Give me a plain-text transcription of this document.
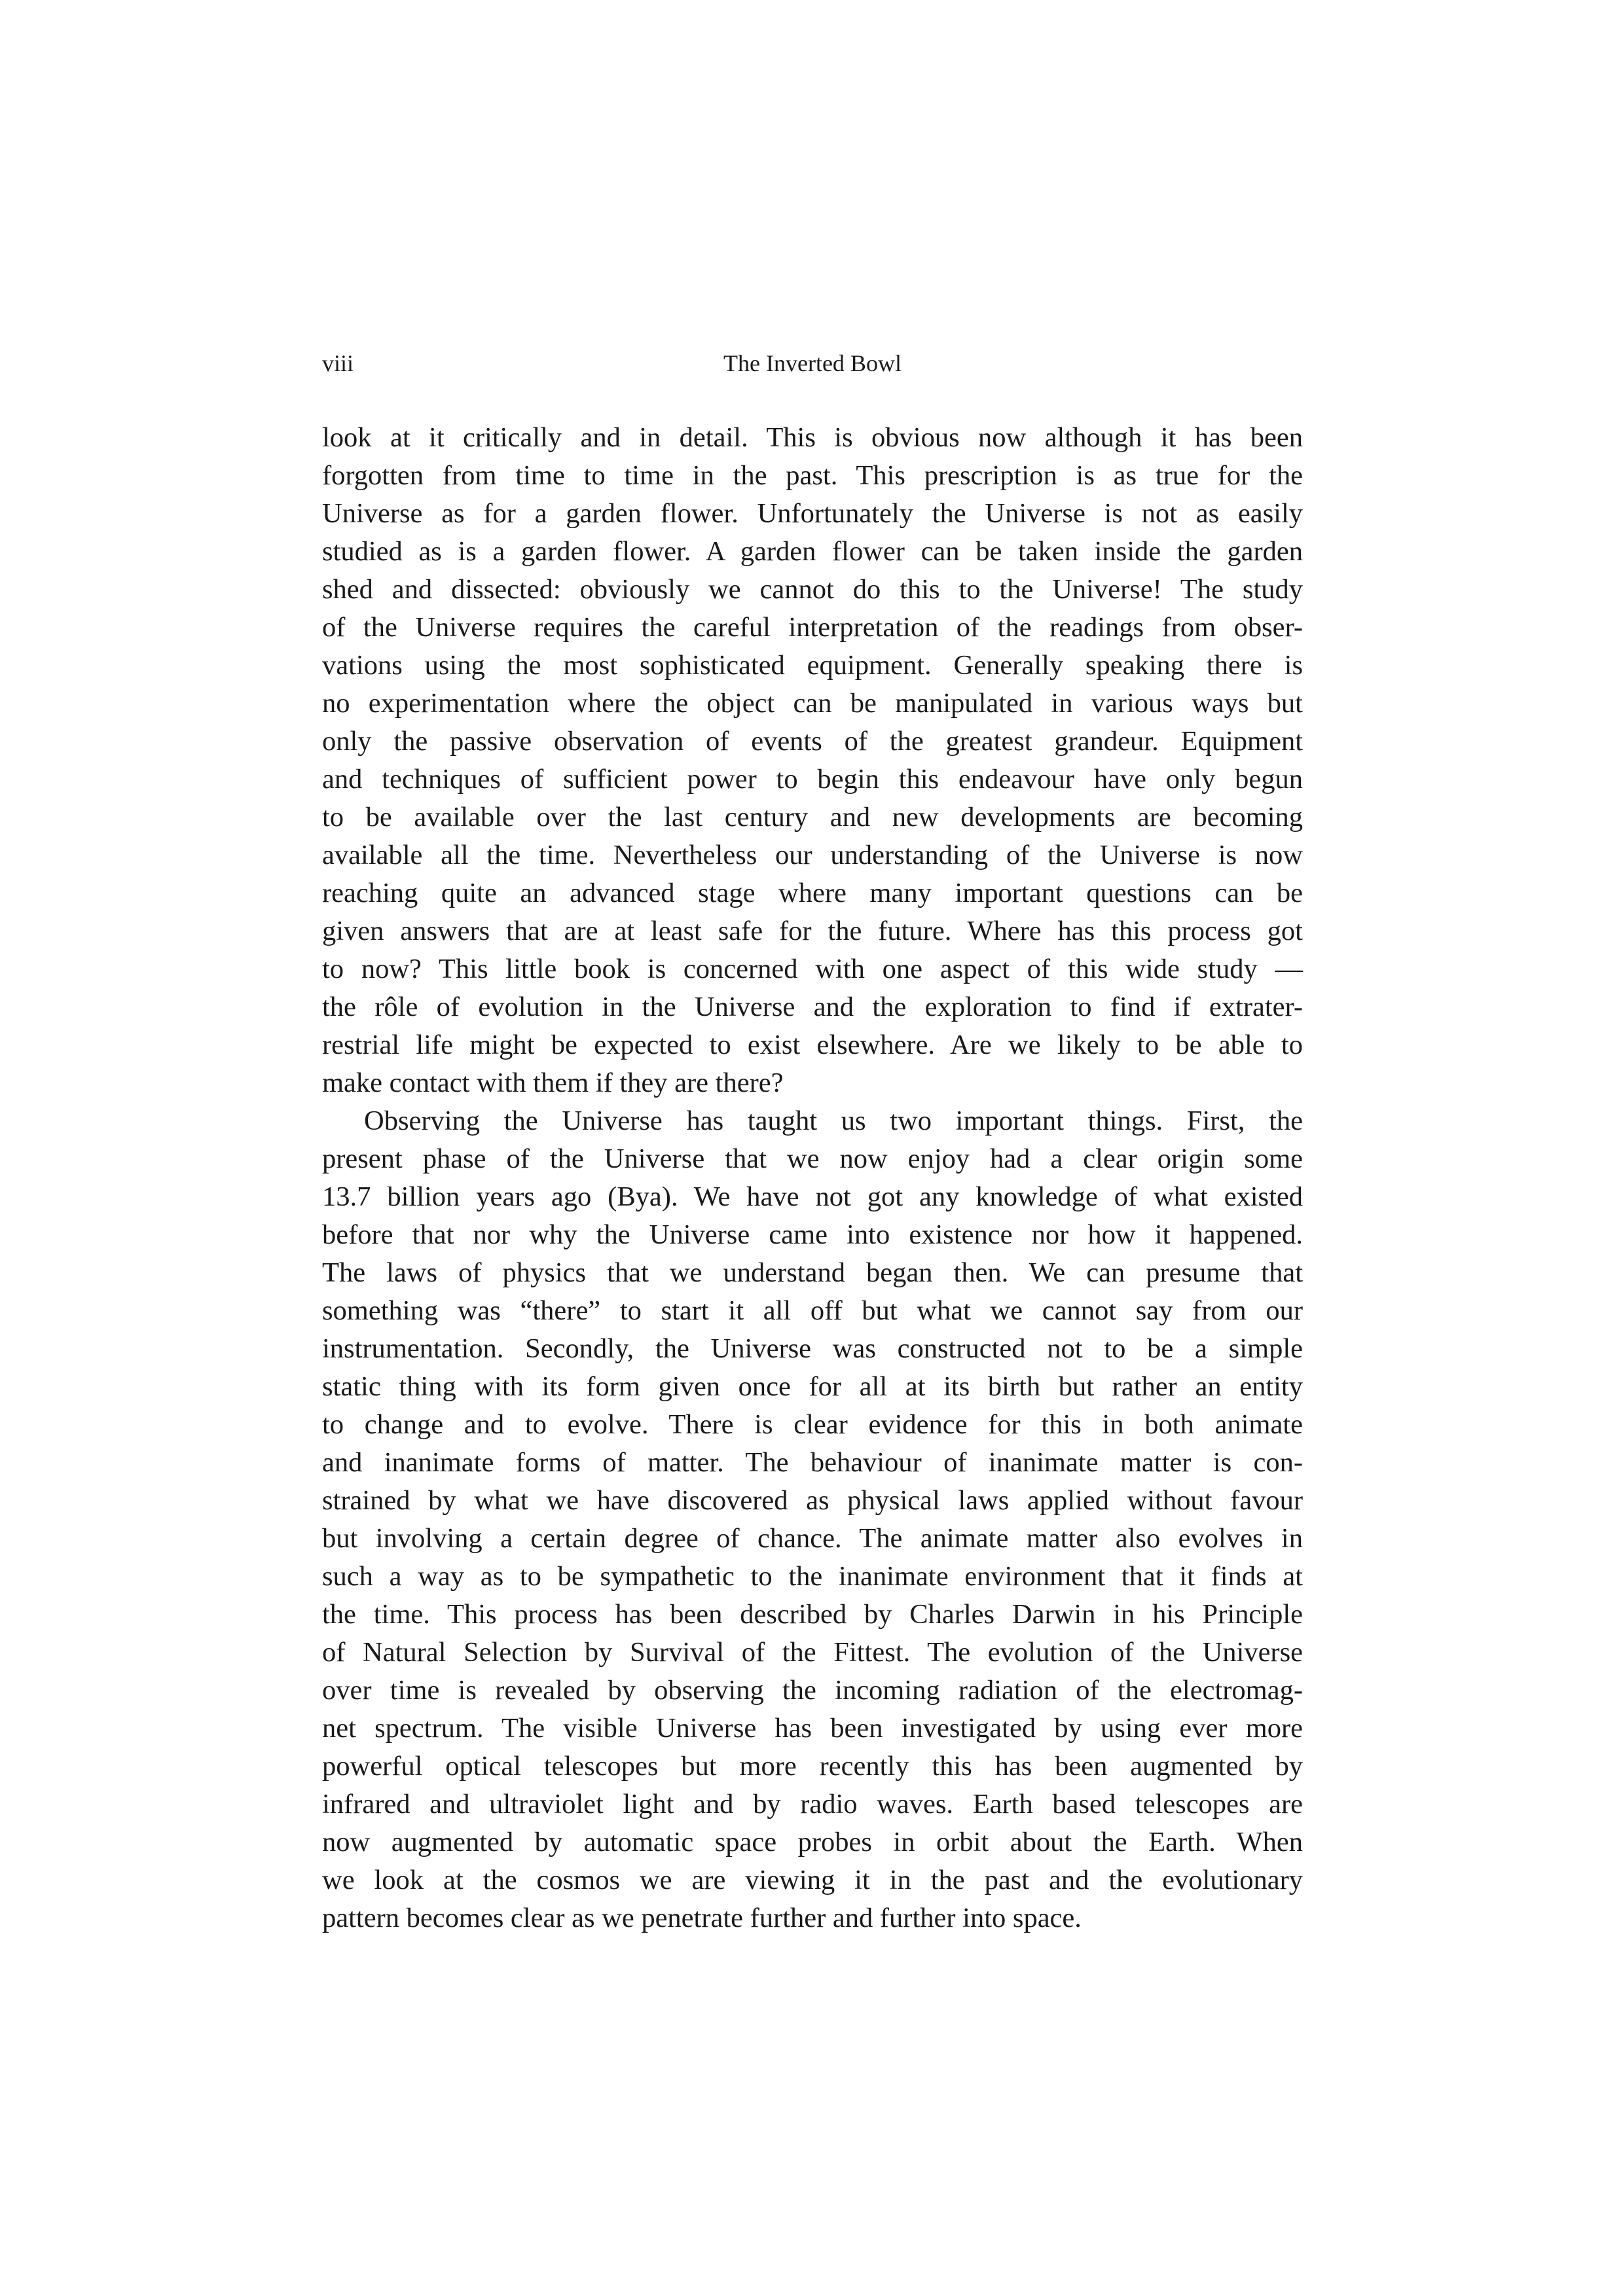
viii	The Inverted Bowl
look at it critically and in detail. This is obvious now although it has been
forgotten from time to time in the past. This prescription is as true for the
Universe as for a garden flower. Unfortunately the Universe is not as easily
studied as is a garden flower. A garden flower can be taken inside the garden
shed and dissected: obviously we cannot do this to the Universe! The study
of the Universe requires the careful interpretation of the readings from obser-
vations using the most sophisticated equipment. Generally speaking there is
no experimentation where the object can be manipulated in various ways but
only the passive observation of events of the greatest grandeur. Equipment
and techniques of sufficient power to begin this endeavour have only begun
to be available over the last century and new developments are becoming
available all the time. Nevertheless our understanding of the Universe is now
reaching quite an advanced stage where many important questions can be
given answers that are at least safe for the future. Where has this process got
to now? This little book is concerned with one aspect of this wide study —
the rôle of evolution in the Universe and the exploration to find if extrater-
restrial life might be expected to exist elsewhere. Are we likely to be able to
make contact with them if they are there?
Observing the Universe has taught us two important things. First, the
present phase of the Universe that we now enjoy had a clear origin some
13.7 billion years ago (Bya). We have not got any knowledge of what existed
before that nor why the Universe came into existence nor how it happened.
The laws of physics that we understand began then. We can presume that
something was “there” to start it all off but what we cannot say from our
instrumentation. Secondly, the Universe was constructed not to be a simple
static thing with its form given once for all at its birth but rather an entity
to change and to evolve. There is clear evidence for this in both animate
and inanimate forms of matter. The behaviour of inanimate matter is con-
strained by what we have discovered as physical laws applied without favour
but involving a certain degree of chance. The animate matter also evolves in
such a way as to be sympathetic to the inanimate environment that it finds at
the time. This process has been described by Charles Darwin in his Principle
of Natural Selection by Survival of the Fittest. The evolution of the Universe
over time is revealed by observing the incoming radiation of the electromag-
net spectrum. The visible Universe has been investigated by using ever more
powerful optical telescopes but more recently this has been augmented by
infrared and ultraviolet light and by radio waves. Earth based telescopes are
now augmented by automatic space probes in orbit about the Earth. When
we look at the cosmos we are viewing it in the past and the evolutionary
pattern becomes clear as we penetrate further and further into space.
